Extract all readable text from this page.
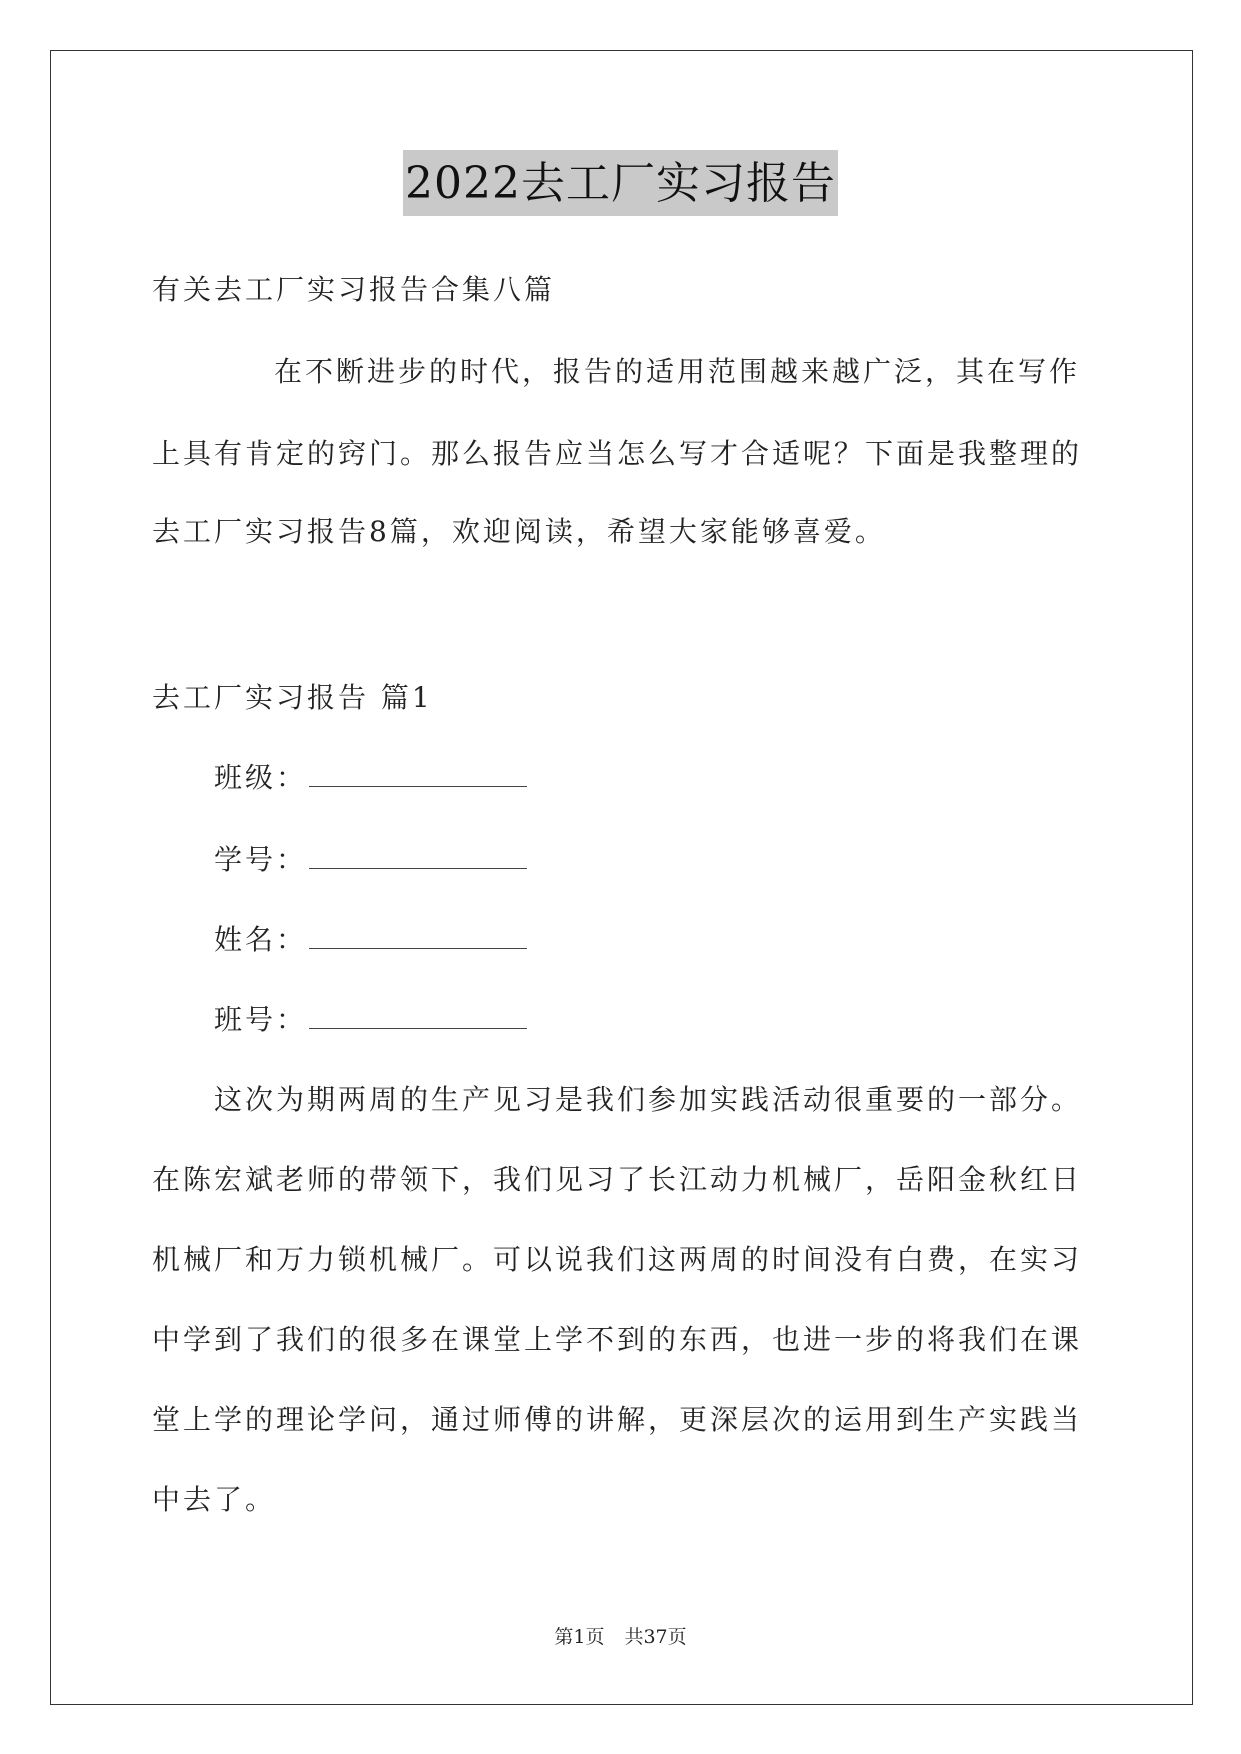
2022去工厂实习报告
有关去工厂实习报告合集八篇
在不断进步的时代，报告的适用范围越来越广泛，其在写作
上具有肯定的窍门。那么报告应当怎么写才合适呢？下面是我整理的
去工厂实习报告8篇，欢迎阅读，希望大家能够喜爱。
去工厂实习报告 篇1
班级：
学号：
姓名：
班号：
这次为期两周的生产见习是我们参加实践活动很重要的一部分。
在陈宏斌老师的带领下，我们见习了长江动力机械厂，岳阳金秋红日
机械厂和万力锁机械厂。可以说我们这两周的时间没有白费，在实习
中学到了我们的很多在课堂上学不到的东西，也进一步的将我们在课
堂上学的理论学问，通过师傅的讲解，更深层次的运用到生产实践当
中去了。
第1页 共37页
